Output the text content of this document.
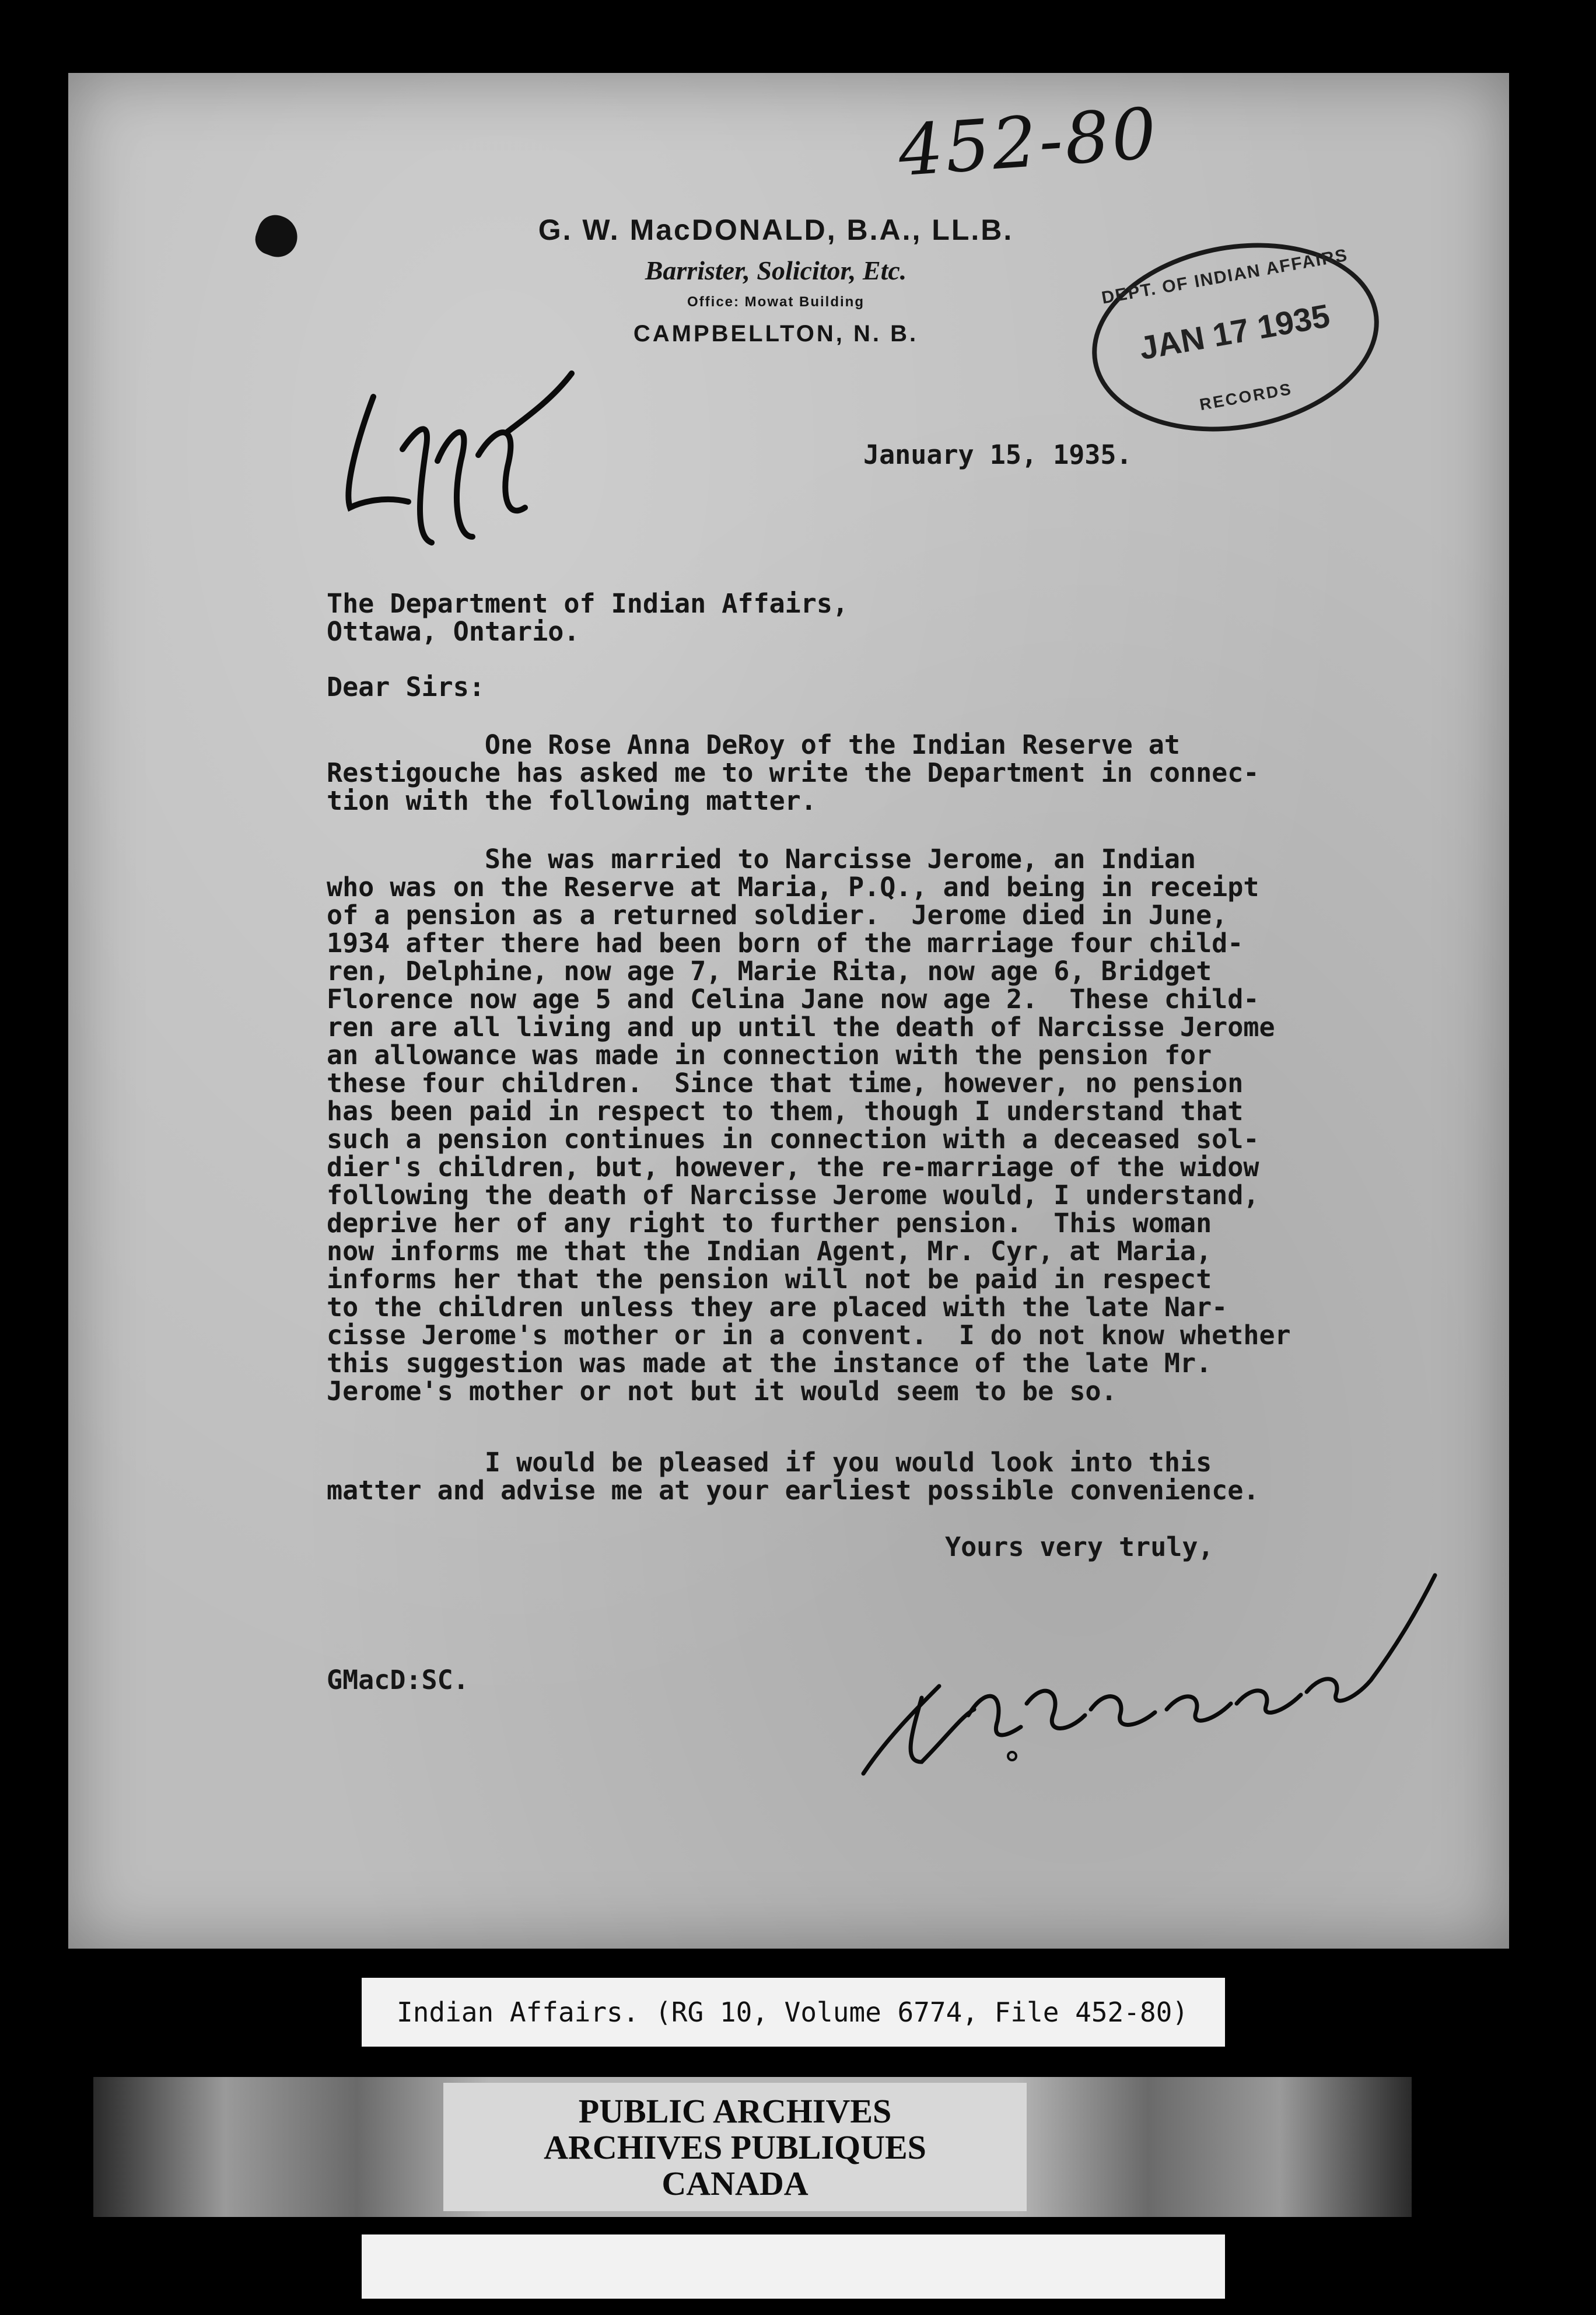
452-80
G. W. MacDONALD, B.A., LL.B.
Barrister, Solicitor, Etc.
Office: Mowat Building
CAMPBELLTON, N. B.
DEPT. OF INDIAN AFFAIRS
JAN 17 1935
RECORDS
January 15, 1935.
The Department of Indian Affairs,
Ottawa, Ontario.
Dear Sirs:
One Rose Anna DeRoy of the Indian Reserve at
Restigouche has asked me to write the Department in connec-
tion with the following matter.
She was married to Narcisse Jerome, an Indian
who was on the Reserve at Maria, P.Q., and being in receipt
of a pension as a returned soldier.  Jerome died in June,
1934 after there had been born of the marriage four child-
ren, Delphine, now age 7, Marie Rita, now age 6, Bridget
Florence now age 5 and Celina Jane now age 2.  These child-
ren are all living and up until the death of Narcisse Jerome
an allowance was made in connection with the pension for
these four children.  Since that time, however, no pension
has been paid in respect to them, though I understand that
such a pension continues in connection with a deceased sol-
dier's children, but, however, the re-marriage of the widow
following the death of Narcisse Jerome would, I understand,
deprive her of any right to further pension.  This woman
now informs me that the Indian Agent, Mr. Cyr, at Maria,
informs her that the pension will not be paid in respect
to the children unless they are placed with the late Nar-
cisse Jerome's mother or in a convent.  I do not know whether
this suggestion was made at the instance of the late Mr.
Jerome's mother or not but it would seem to be so.
I would be pleased if you would look into this
matter and advise me at your earliest possible convenience.
Yours very truly,
GMacD:SC.
Indian Affairs. (RG 10, Volume 6774, File 452-80)
PUBLIC ARCHIVES
ARCHIVES PUBLIQUES
CANADA
